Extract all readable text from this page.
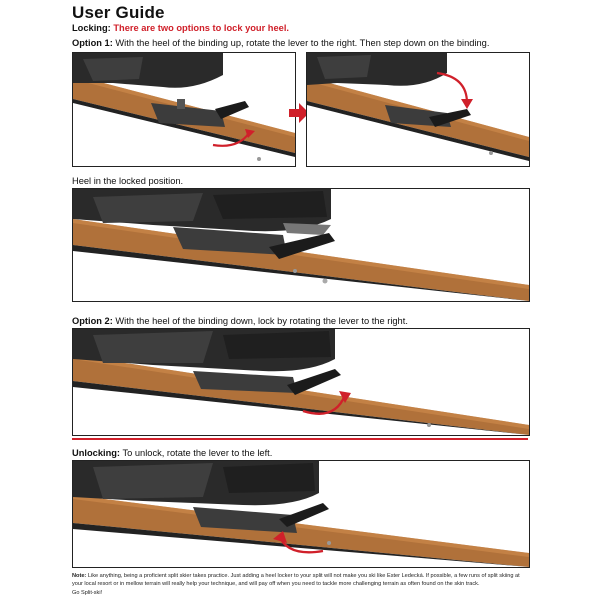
User Guide
Locking: There are two options to lock your heel.
Option 1: With the heel of the binding up, rotate the lever to the right. Then step down on the binding.
Heel in the locked position.
Option 2: With the heel of the binding down, lock by rotating the lever to the right.
Unlocking: To unlock, rotate the lever to the left.
Note: Like anything, being a proficient split skier takes practice. Just adding a heel locker to your split will not make you ski like Ester Ledecká. If possible, a few runs of split skiing at your local resort or in mellow terrain will really help your technique, and will pay off when you need to tackle more challenging terrain as often found on the skin track.
Go Split-ski!
